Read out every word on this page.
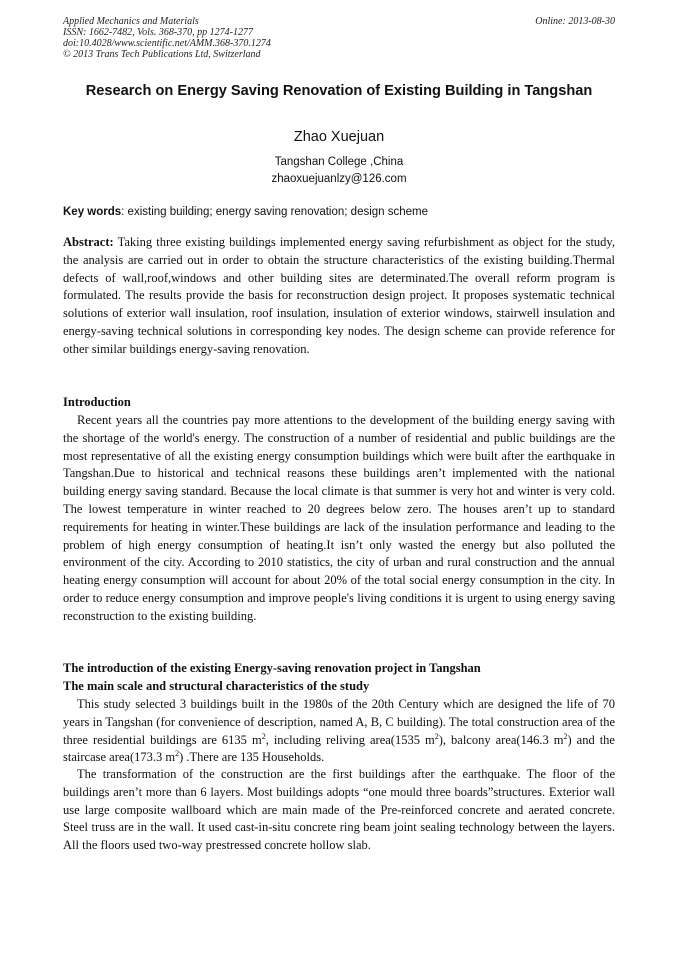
Applied Mechanics and Materials
ISSN: 1662-7482, Vols. 368-370, pp 1274-1277
doi:10.4028/www.scientific.net/AMM.368-370.1274
© 2013 Trans Tech Publications Ltd, Switzerland
Online: 2013-08-30
Research on Energy Saving Renovation of Existing Building in Tangshan
Zhao Xuejuan
Tangshan College ,China
zhaoxuejuanlzy@126.com
Key words: existing building; energy saving renovation; design scheme
Abstract: Taking three existing buildings implemented energy saving refurbishment as object for the study, the analysis are carried out in order to obtain the structure characteristics of the existing building.Thermal defects of wall,roof,windows and other building sites are determinated.The overall reform program is formulated. The results provide the basis for reconstruction design project. It proposes systematic technical solutions of exterior wall insulation, roof insulation, insulation of exterior windows, stairwell insulation and energy-saving technical solutions in corresponding key nodes. The design scheme can provide reference for other similar buildings energy-saving renovation.
Introduction
Recent years all the countries pay more attentions to the development of the building energy saving with the shortage of the world's energy. The construction of a number of residential and public buildings are the most representative of all the existing energy consumption buildings which were built after the earthquake in Tangshan.Due to historical and technical reasons these buildings aren’t implemented with the national building energy saving standard. Because the local climate is that summer is very hot and winter is very cold. The lowest temperature in winter reached to 20 degrees below zero. The houses aren’t up to standard requirements for heating in winter.These buildings are lack of the insulation performance and leading to the problem of high energy consumption of heating.It isn’t only wasted the energy but also polluted the environment of the city. According to 2010 statistics, the city of urban and rural construction and the annual heating energy consumption will account for about 20% of the total social energy consumption in the city. In order to reduce energy consumption and improve people's living conditions it is urgent to using energy saving reconstruction to the existing building.
The introduction of the existing Energy-saving renovation project in Tangshan
The main scale and structural characteristics of the study
This study selected 3 buildings built in the 1980s of the 20th Century which are designed the life of 70 years in Tangshan (for convenience of description, named A, B, C building). The total construction area of the three residential buildings are 6135 $m^2$, including reliving area(1535 $m^2$), balcony area(146.3 $m^2$) and the staircase area(173.3 $m^2$) .There are 135 Households.
The transformation of the construction are the first buildings after the earthquake. The floor of the buildings aren’t more than 6 layers. Most buildings adopts “one mould three boards”structures. Exterior wall use large composite wallboard which are main made of the Pre-reinforced concrete and aerated concrete. Steel truss are in the wall. It used cast-in-situ concrete ring beam joint sealing technology between the layers. All the floors used two-way prestressed concrete hollow slab.
